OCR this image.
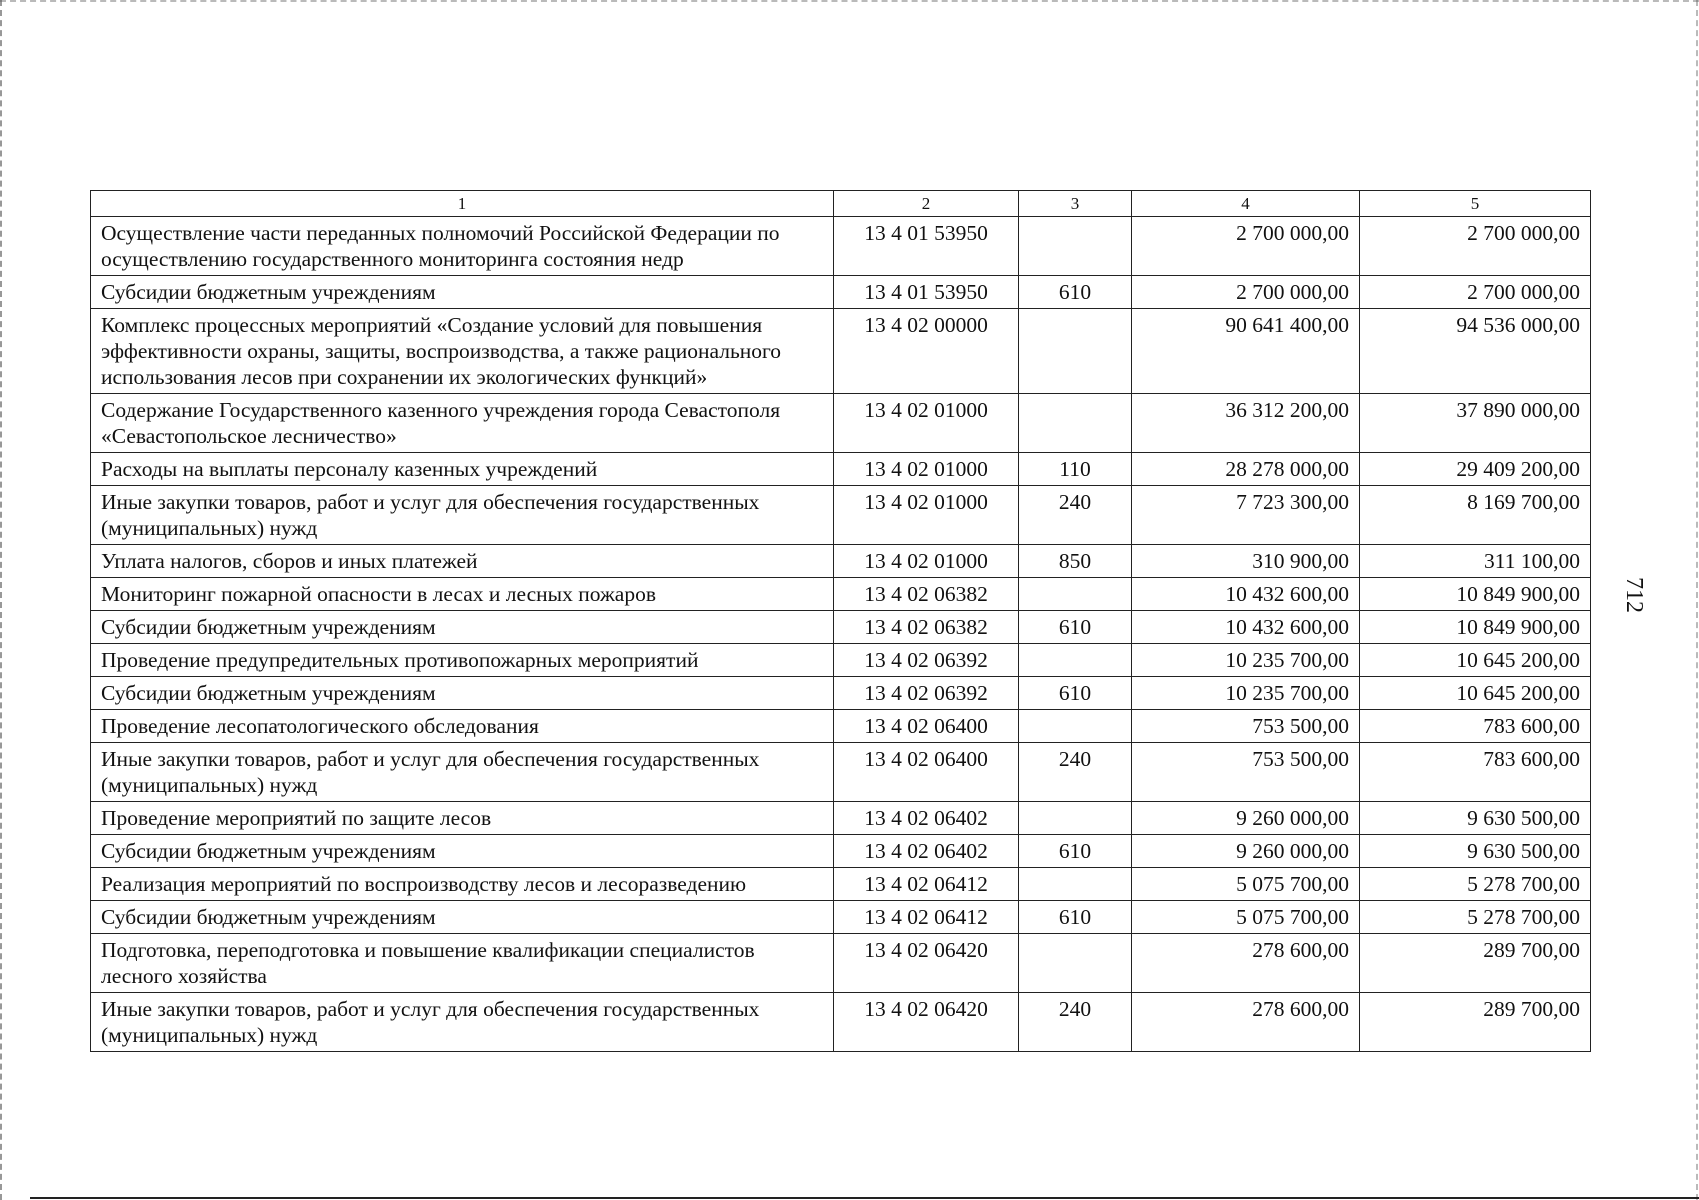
712
1	2	3	4	5
Осуществление части переданных полномочий Российской Федерации по осуществлению государственного мониторинга состояния недр	13 4 01 53950		2 700 000,00	2 700 000,00
Субсидии бюджетным учреждениям	13 4 01 53950	610	2 700 000,00	2 700 000,00
Комплекс процессных мероприятий «Создание условий для повышения эффективности охраны, защиты, воспроизводства, а также рационального использования лесов при сохранении их экологических функций»	13 4 02 00000		90 641 400,00	94 536 000,00
Содержание Государственного казенного учреждения города Севастополя «Севастопольское лесничество»	13 4 02 01000		36 312 200,00	37 890 000,00
Расходы на выплаты персоналу казенных учреждений	13 4 02 01000	110	28 278 000,00	29 409 200,00
Иные закупки товаров, работ и услуг для обеспечения государственных (муниципальных) нужд	13 4 02 01000	240	7 723 300,00	8 169 700,00
Уплата налогов, сборов и иных платежей	13 4 02 01000	850	310 900,00	311 100,00
Мониторинг пожарной опасности в лесах и лесных пожаров	13 4 02 06382		10 432 600,00	10 849 900,00
Субсидии бюджетным учреждениям	13 4 02 06382	610	10 432 600,00	10 849 900,00
Проведение предупредительных противопожарных мероприятий	13 4 02 06392		10 235 700,00	10 645 200,00
Субсидии бюджетным учреждениям	13 4 02 06392	610	10 235 700,00	10 645 200,00
Проведение лесопатологического обследования	13 4 02 06400		753 500,00	783 600,00
Иные закупки товаров, работ и услуг для обеспечения государственных (муниципальных) нужд	13 4 02 06400	240	753 500,00	783 600,00
Проведение мероприятий по защите лесов	13 4 02 06402		9 260 000,00	9 630 500,00
Субсидии бюджетным учреждениям	13 4 02 06402	610	9 260 000,00	9 630 500,00
Реализация мероприятий по воспроизводству лесов и лесоразведению	13 4 02 06412		5 075 700,00	5 278 700,00
Субсидии бюджетным учреждениям	13 4 02 06412	610	5 075 700,00	5 278 700,00
Подготовка, переподготовка и повышение квалификации специалистов лесного хозяйства	13 4 02 06420		278 600,00	289 700,00
Иные закупки товаров, работ и услуг для обеспечения государственных (муниципальных) нужд	13 4 02 06420	240	278 600,00	289 700,00
